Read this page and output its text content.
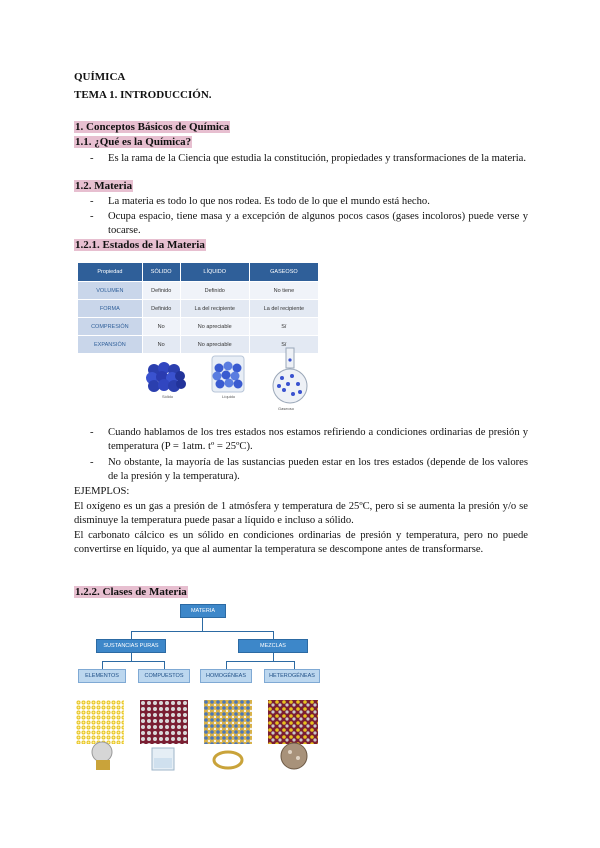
QUÍMICA
TEMA 1. INTRODUCCIÓN.
1. Conceptos Básicos de Química
1.1. ¿Qué es la Química?
- Es la rama de la Ciencia que estudia la constitución, propiedades y transformaciones de la materia.
1.2. Materia
- La materia es todo lo que nos rodea. Es todo de lo que el mundo está hecho.
- Ocupa espacio, tiene masa y a excepción de algunos pocos casos (gases incoloros) puede verse y tocarse.
1.2.1. Estados de la Materia
Propiedad	SÓLIDO	LÍQUIDO	GASEOSO
VOLUMEN	Definido	Definido	No tiene
FORMA	Definido	La del recipiente	La del recipiente
COMPRESIÓN	No	No apreciable	Sí
EXPANSIÓN	No	No apreciable	Sí
Sólido	Líquido
Gaseoso
- Cuando hablamos de los tres estados nos estamos refiriendo a condiciones ordinarias de presión y temperatura (P = 1atm. tº = 25ºC).
- No obstante, la mayoría de las sustancias pueden estar en los tres estados (depende de los valores de la presión y la temperatura).
EJEMPLOS:
El oxígeno es un gas a presión de 1 atmósfera y temperatura de 25ºC, pero si se aumenta la presión y/o se disminuye la temperatura puede pasar a líquido e incluso a sólido.
El carbonato cálcico es un sólido en condiciones ordinarias de presión y temperatura, pero no puede convertirse en líquido, ya que al aumentar la temperatura se descompone antes de transformarse.
1.2.2. Clases de Materia
MATERIA
SUSTANCIAS PURAS	MEZCLAS
ELEMENTOS	COMPUESTOS	HOMOGÉNEAS	HETEROGÉNEAS
